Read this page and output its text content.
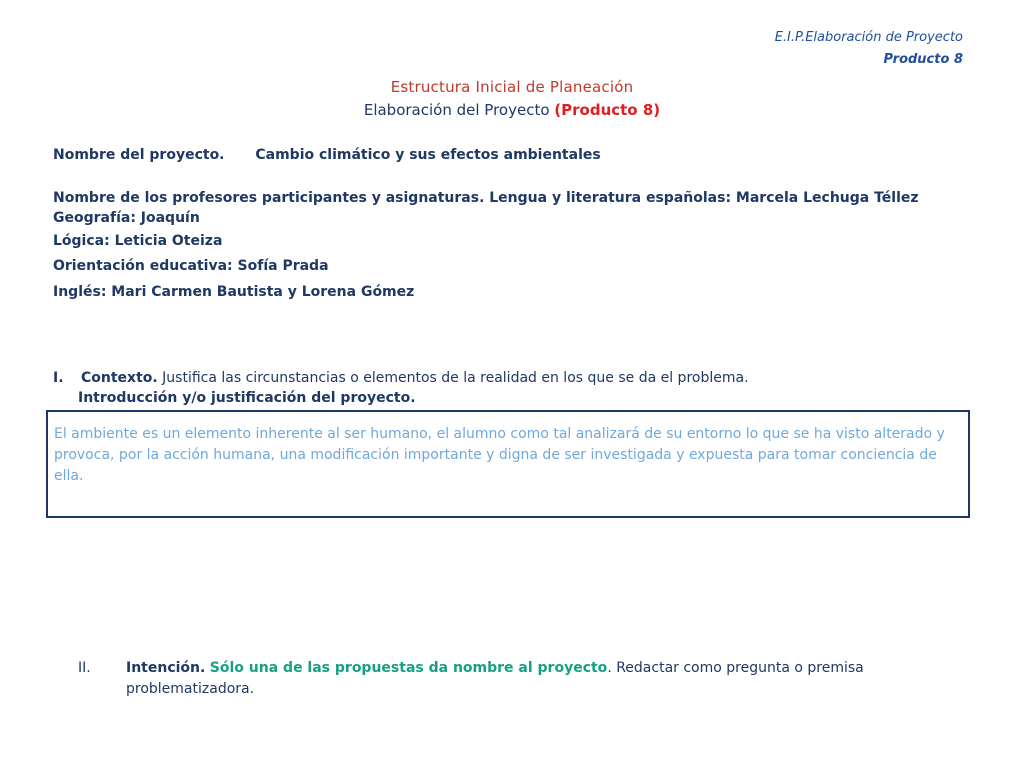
E.I.P.Elaboración de Proyecto
Producto 8
Estructura Inicial de Planeación
Elaboración del Proyecto (Producto 8)
Nombre del proyecto. Cambio climático y sus efectos ambientales
Nombre de los profesores participantes y asignaturas. Lengua y literatura españolas: Marcela Lechuga Téllez Geografía: Joaquín
Lógica: Leticia Oteiza
Orientación educativa: Sofía Prada
Inglés: Mari Carmen Bautista y Lorena Gómez
I. Contexto. Justifica las circunstancias o elementos de la realidad en los que se da el problema.
Introducción y/o justificación del proyecto.
El ambiente es un elemento inherente al ser humano, el alumno como tal analizará de su entorno lo que se ha visto alterado y provoca, por la acción humana, una modificación importante y digna de ser investigada y expuesta para tomar conciencia de ella.
II.	Intención. Sólo una de las propuestas da nombre al proyecto. Redactar como pregunta o premisa problematizadora.
